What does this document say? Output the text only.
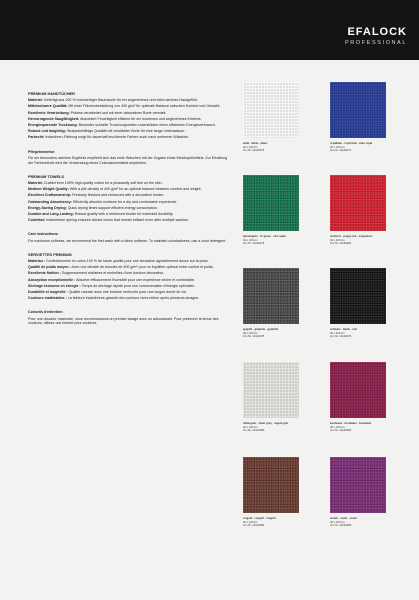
EFALOCK
PROFESSIONAL

PREMIUM HANDTÜCHER

Material: Gefertigt aus 100 % hochwertiger Baumwolle für ein angenehmes und extra weiches Hautgefühl.

Mittelschwere Qualität: Mit einer Flächenbekleidung von 400 g/m² für optimale Balance zwischen Komfort und Gewicht.

Exzellente Verarbeitung: Präzise verarbeitet und mit einer dekorativen Borte veredelt.

Hervorragende Saugfähigkeit: Absorbiert Feuchtigkeit effizient für ein trockenes und angenehmes Erlebnis.

Energiesparende Trocknung: Besonder schnelle Trocknungszeiten unterstützen einen effizienten Energieverbrauch.

Robust und langlebig: Strapazierfähige Qualität mit verstärkter Borte für eine lange Lebensdauer.

Farbecht: Indanthren-Färbung sorgt für dauerhaft leuchtende Farben auch nach mehreren Wäschen.

Pflegehinweise:

Für ein besonders weiches Ergebnis empfiehlt sich das erste Waschen mit der Zugabe eines Weichspülmittels. Zur Erhaltung der Farbechtheit wird die Verwendung eines Colorwaschmittels empfohlen.

PREMIUM TOWELS

Material: Crafted from 100% high-quality cotton for a pleasantly soft feel on the skin.

Medium Weight Quality: With a pile density of 400 g/m² for an optimal balance between comfort and weight.

Excellent Craftsmanship: Precisely finished and enhanced with a decorative border.

Outstanding Absorbency: Efficiently absorbs moisture for a dry and comfortable experience.

Energy-Saving Drying: Quick drying times support efficient energy consumption.

Durable and Long-Lasting: Robust quality with a reinforced border for extended durability.

Colorfast: Indanthrene dyeing ensures vibrant colors that remain brilliant even after multiple washes.

Care instructions:

For maximum softness, we recommend the first wash with a fabric softener. To maintain colorfastness, use a color detergent.

SERVIETTES PREMIUM

Matériau : Confectionnées en coton 100 % de haute qualité pour une sensation agréablement douce sur la peau.

Qualité de poids moyen : Avec une densité de boucles de 400 g/m² pour un équilibre optimal entre confort et poids.

Excellente finition : Soigneusement réalisées et embellies d'une bordure décorative.

Absorption exceptionnelle : Absorbe efficacement l'humidité pour une expérience sèche et confortable.

Séchage économe en énergie : Temps de séchage rapide pour une consommation d'énergie optimisée.

Durabilité et longévité : Qualité robuste avec une bordure renforcée pour une longue durée de vie.

Couleurs inaltérables : La teinture indanthrène garantit des couleurs vives même après plusieurs lavages.

Conseils d'entretien :

Pour une douceur maximale, nous recommandons un premier lavage avec un adoucissant. Pour préserver la tenue des couleurs, utilisez une lessive pour couleurs.

weiß · white · blanc
40 x 100 cm
Art.-Nr. 14102074
royalblau · royal blue · bleu royal
40 x 100 cm
Art.-Nr. 14102071
tannengrün · fir green · vert sapin
40 x 100 cm
Art.-Nr. 14102076
mohnrot · poppy red · coquelicot
40 x 100 cm
Art.-Nr. 14102081
graphit · graphite · graphite
40 x 100 cm
Art.-Nr. 14102078
schwarz · black · noir
40 x 100 cm
Art.-Nr. 14102079
silbergrau · silver grey · argent gris
40 x 100 cm
Art.-Nr. 14102080
bordeaux · bordeaux · bordeaux
40 x 100 cm
Art.-Nr. 14102083
rotgold · rotgold · rotgold
40 x 100 cm
Art.-Nr. 14102082
violett · violet · violet
40 x 100 cm
Art.-Nr. 14102084
